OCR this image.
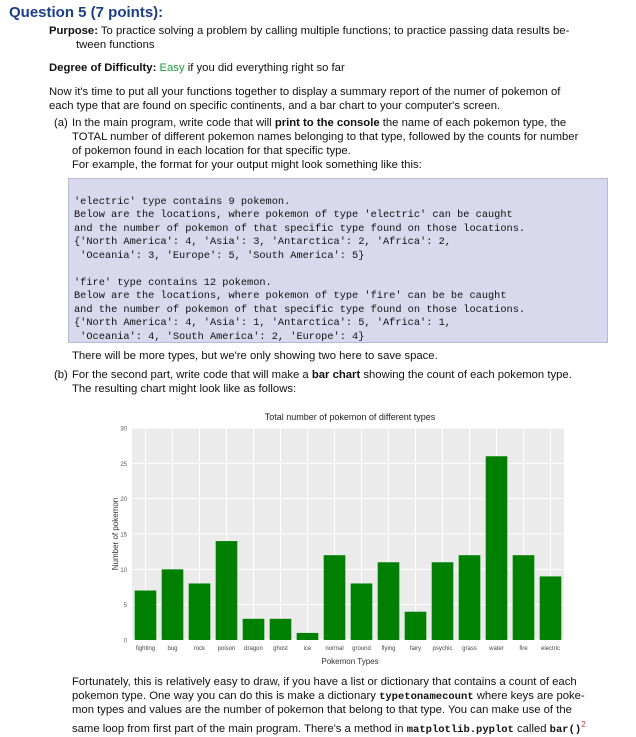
Question 5 (7 points):
Purpose: To practice solving a problem by calling multiple functions; to practice passing data results be-
tween functions
Degree of Difficulty: Easy if you did everything right so far
Now it's time to put all your functions together to display a summary report of the numer of pokemon of
each type that are found on specific continents, and a bar chart to your computer's screen.
(a) In the main program, write code that will print to the console the name of each pokemon type, the
TOTAL number of different pokemon names belonging to that type, followed by the counts for number
of pokemon found in each location for that specific type.
For example, the format for your output might look something like this:

'electric' type contains 9 pokemon.
Below are the locations, where pokemon of type 'electric' can be caught
and the number of pokemon of that specific type found on those locations.
{'North America': 4, 'Asia': 3, 'Antarctica': 2, 'Africa': 2,
'Oceania': 3, 'Europe': 5, 'South America': 5}
'fire' type contains 12 pokemon.
Below are the locations, where pokemon of type 'fire' can be be caught
and the number of pokemon of that specific type found on those locations.
{'North America': 4, 'Asia': 1, 'Antarctica': 5, 'Africa': 1,
'Oceania': 4, 'South America': 2, 'Europe': 4}

There will be more types, but we're only showing two here to save space.
(b) For the second part, write code that will make a bar chart showing the count of each pokemon type.
The resulting chart might look like as follows:
0
5
10
15
20
25
30
fighting bug	rock poison dragon ghost	ice normal ground flying fairy psychic grass water	fire electric
Total number of pokemon of different types
Pokemon Types
Number of pokemon
Fortunately, this is relatively easy to draw, if you have a list or dictionary that contains a count of each
pokemon type. One way you can do this is make a dictionary typetonamecount where keys are poke-
mon types and values are the number of pokemon that belong to that type. You can make use of the
same loop from first part of the main program. There's a method in matplotlib.pyplot called bar()$^2$
